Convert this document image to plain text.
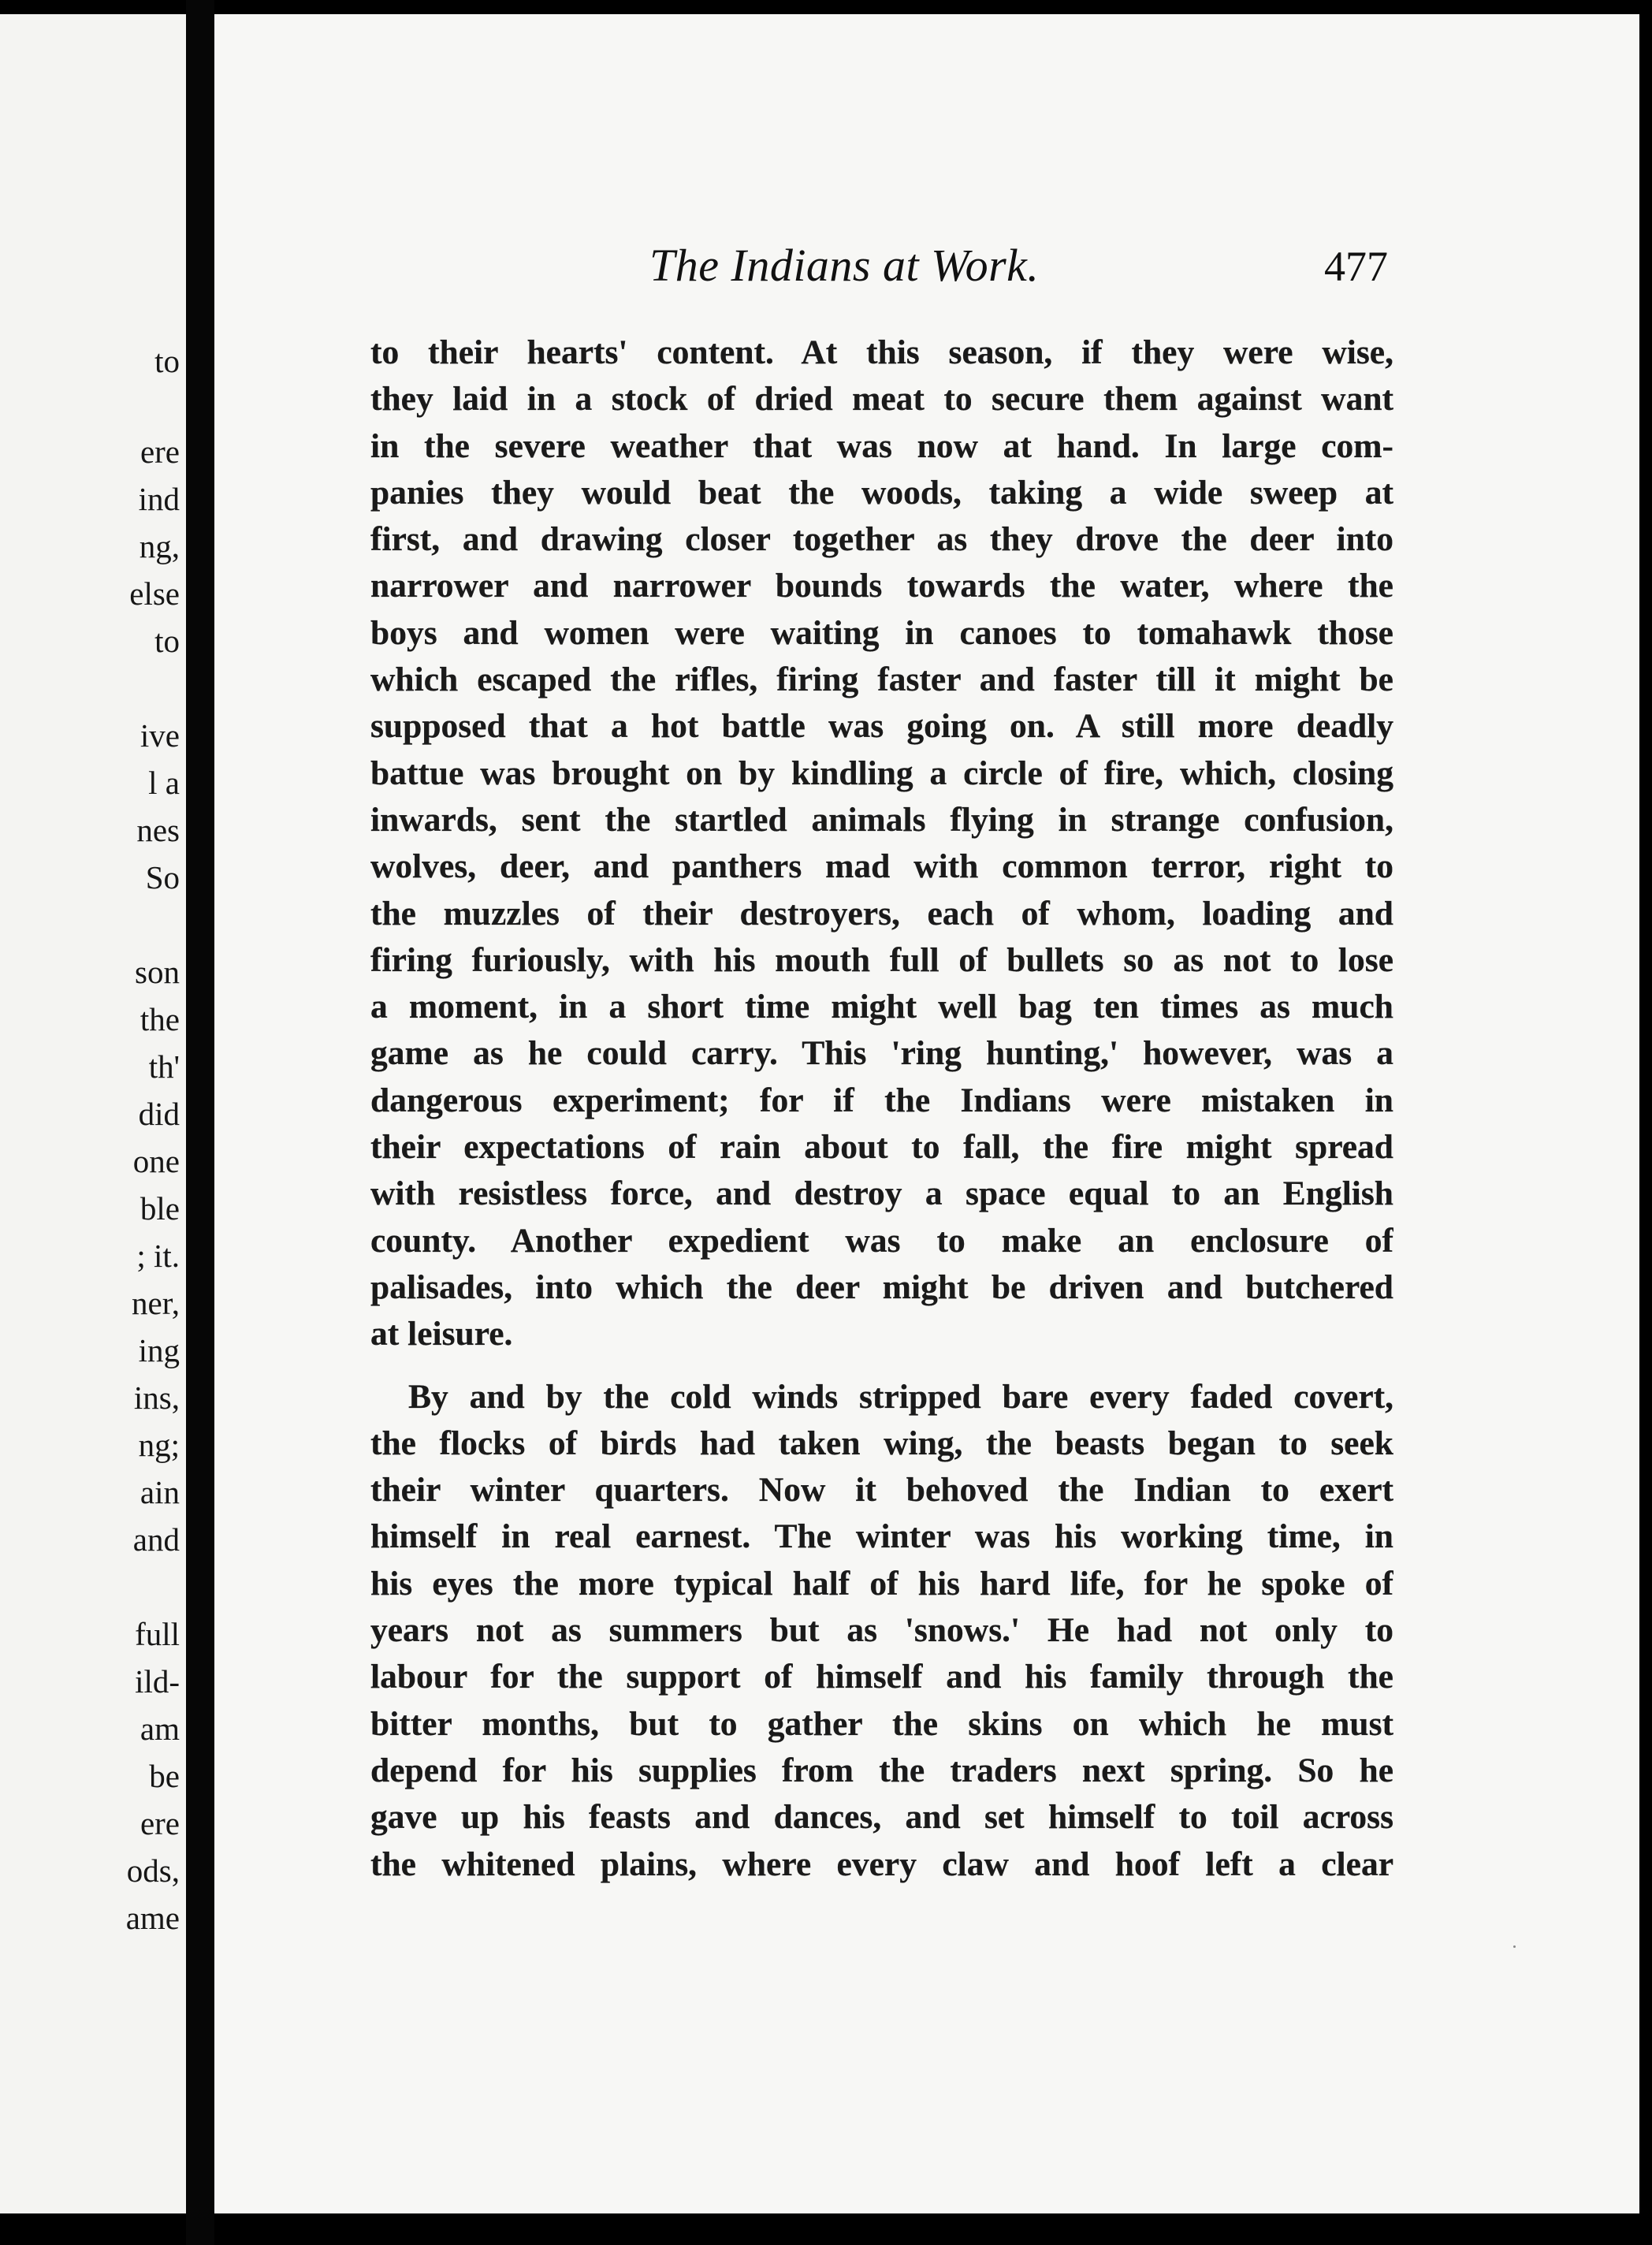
to
ere
ind
ng,
else
to
ive
l a
nes
So
son
the
th'
did
one
ble
; it.
ner,
ing
ins,
ng;
ain
and
full
ild-
am
be
ere
ods,
ame
The Indians at Work.	477
to their hearts' content. At this season, if they were wise,
they laid in a stock of dried meat to secure them against want
in the severe weather that was now at hand. In large com-
panies they would beat the woods, taking a wide sweep at
first, and drawing closer together as they drove the deer into
narrower and narrower bounds towards the water, where the
boys and women were waiting in canoes to tomahawk those
which escaped the rifles, firing faster and faster till it might be
supposed that a hot battle was going on. A still more deadly
battue was brought on by kindling a circle of fire, which, closing
inwards, sent the startled animals flying in strange confusion,
wolves, deer, and panthers mad with common terror, right to
the muzzles of their destroyers, each of whom, loading and
firing furiously, with his mouth full of bullets so as not to lose
a moment, in a short time might well bag ten times as much
game as he could carry. This 'ring hunting,' however, was a
dangerous experiment; for if the Indians were mistaken in
their expectations of rain about to fall, the fire might spread
with resistless force, and destroy a space equal to an English
county. Another expedient was to make an enclosure of
palisades, into which the deer might be driven and butchered
at leisure.
By and by the cold winds stripped bare every faded covert,
the flocks of birds had taken wing, the beasts began to seek
their winter quarters. Now it behoved the Indian to exert
himself in real earnest. The winter was his working time, in
his eyes the more typical half of his hard life, for he spoke of
years not as summers but as 'snows.' He had not only to
labour for the support of himself and his family through the
bitter months, but to gather the skins on which he must
depend for his supplies from the traders next spring. So he
gave up his feasts and dances, and set himself to toil across
the whitened plains, where every claw and hoof left a clear
